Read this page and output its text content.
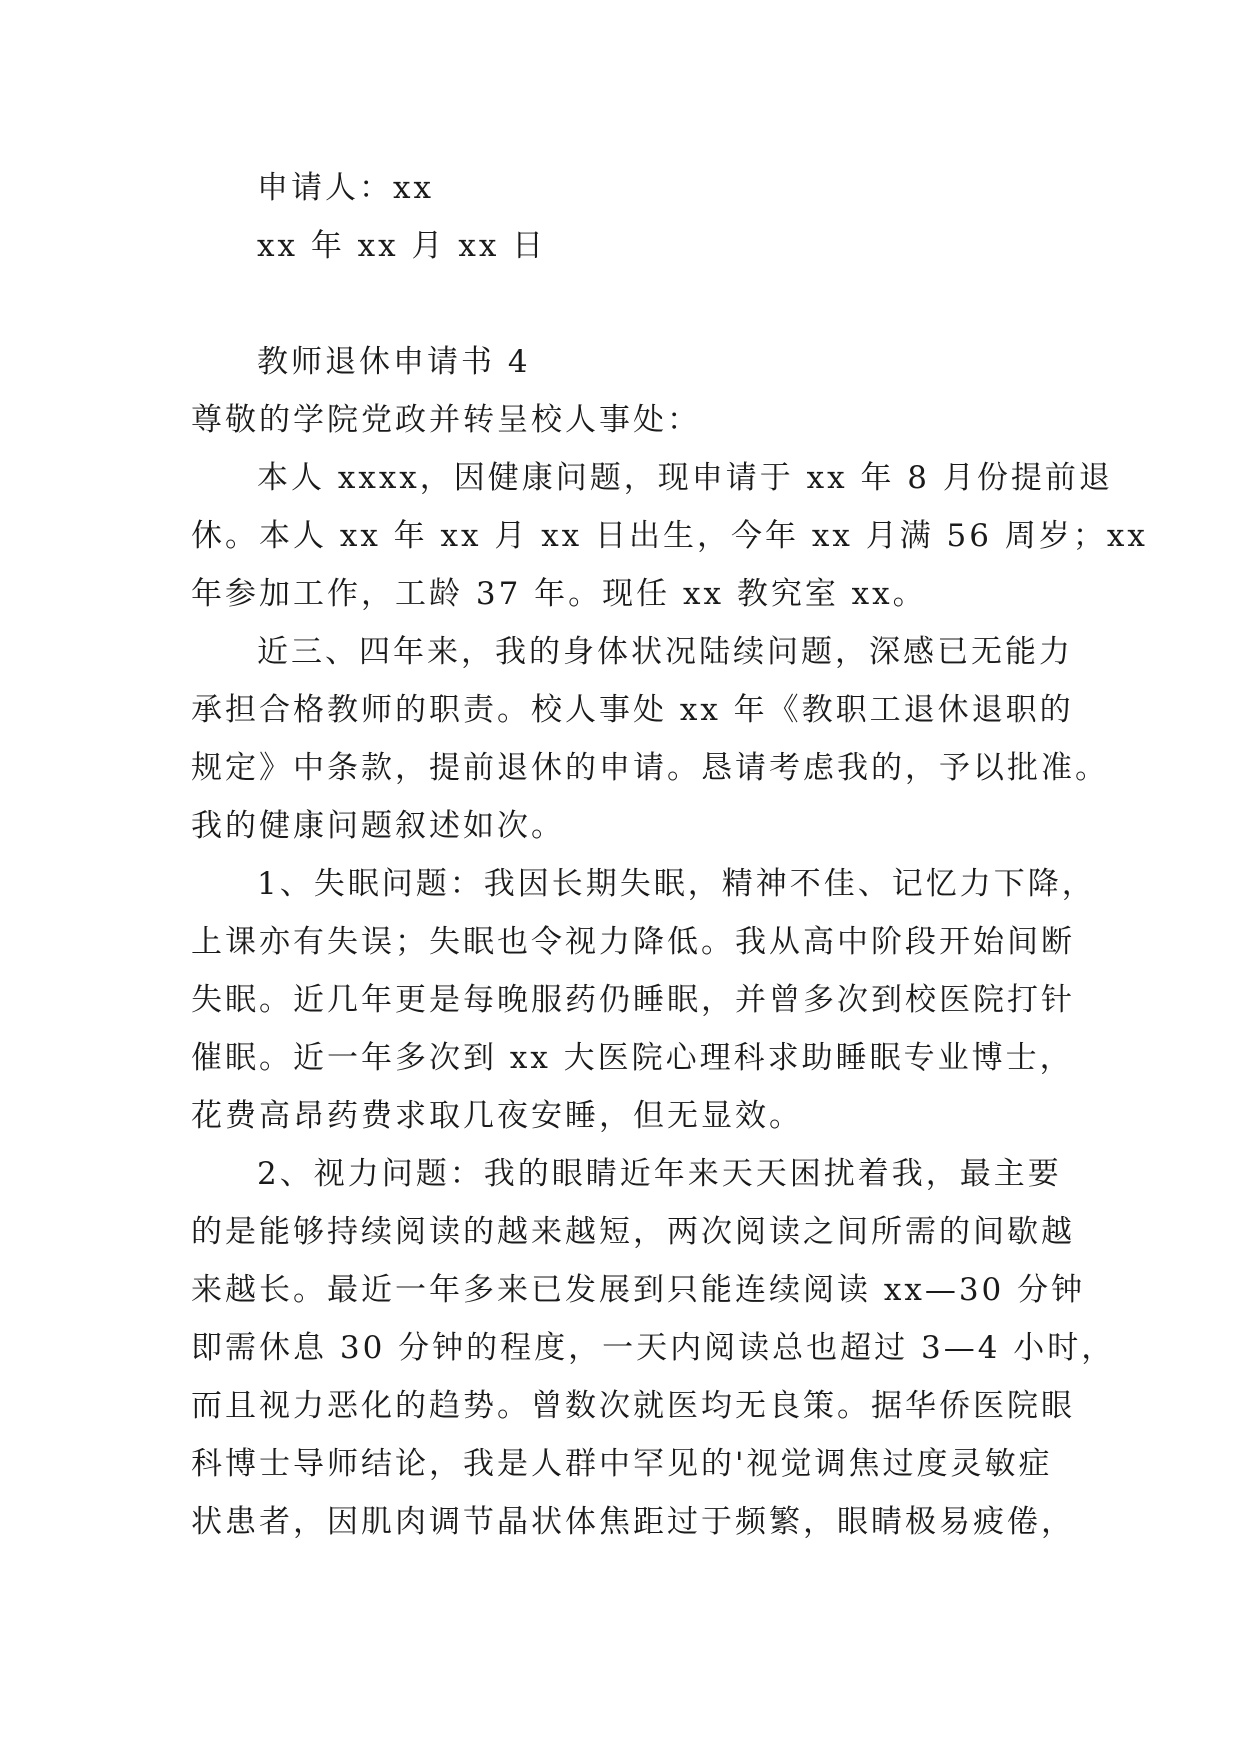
申请人：xx
xx 年 xx 月 xx 日
教师退休申请书 4
尊敬的学院党政并转呈校人事处：
本人 xxxx，因健康问题，现申请于 xx 年 8 月份提前退
休。本人 xx 年 xx 月 xx 日出生，今年 xx 月满 56 周岁；xx
年参加工作，工龄 37 年。现任 xx 教究室 xx。
近三、四年来，我的身体状况陆续问题，深感已无能力
承担合格教师的职责。校人事处 xx 年《教职工退休退职的
规定》中条款，提前退休的申请。恳请考虑我的，予以批准。
我的健康问题叙述如次。
1、失眠问题：我因长期失眠，精神不佳、记忆力下降，
上课亦有失误；失眠也令视力降低。我从高中阶段开始间断
失眠。近几年更是每晚服药仍睡眠，并曾多次到校医院打针
催眠。近一年多次到 xx 大医院心理科求助睡眠专业博士，
花费高昂药费求取几夜安睡，但无显效。
2、视力问题：我的眼睛近年来天天困扰着我，最主要
的是能够持续阅读的越来越短，两次阅读之间所需的间歇越
来越长。最近一年多来已发展到只能连续阅读 xx—30 分钟
即需休息 30 分钟的程度，一天内阅读总也超过 3—4 小时，
而且视力恶化的趋势。曾数次就医均无良策。据华侨医院眼
科博士导师结论，我是人群中罕见的'视觉调焦过度灵敏症
状患者，因肌肉调节晶状体焦距过于频繁，眼睛极易疲倦，
